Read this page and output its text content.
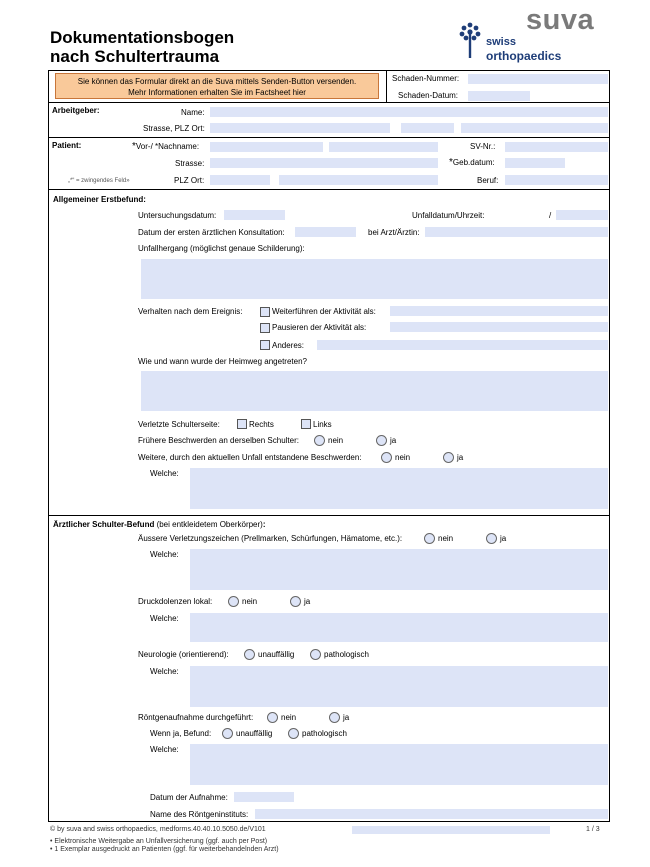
Dokumentationsbogen
nach Schultertrauma
suva
swiss
orthopaedics
Sie können das Formular direkt an die Suva mittels Senden-Button versenden.
Mehr Informationen erhalten Sie im Factsheet hier
Schaden-Nummer:
Schaden-Datum:
Arbeitgeber:	Name:
Strasse, PLZ Ort:
Patient:	*Vor-/ *Nachname:	SV-Nr.:
Strasse:	*Geb.datum:
„*“ = zwingendes Feld»	PLZ Ort:	Beruf:
Allgemeiner Erstbefund:
Untersuchungsdatum:	Unfalldatum/Uhrzeit:	/
Datum der ersten ärztlichen Konsultation:	bei Arzt/Ärztin:
Unfallhergang (möglichst genaue Schilderung):
Verhalten nach dem Ereignis:	Weiterführen der Aktivität als:
Pausieren der Aktivität als:
Anderes:
Wie und wann wurde der Heimweg angetreten?
Verletzte Schulterseite:	Rechts	Links
Frühere Beschwerden an derselben Schulter:	nein	ja
Weitere, durch den aktuellen Unfall entstandene Beschwerden:	nein	ja
Welche:
Ärztlicher Schulter-Befund (bei entkleidetem Oberkörper):
Äussere Verletzungszeichen (Prellmarken, Schürfungen, Hämatome, etc.):	nein	ja
Welche:
Druckdolenzen lokal:	nein	ja
Welche:
Neurologie (orientierend):	unauffällig	pathologisch
Welche:
Röntgenaufnahme durchgeführt:	nein	ja
Wenn ja, Befund:	unauffällig	pathologisch
Welche:
Datum der Aufnahme:
Name des Röntgeninstituts:
© by suva and swiss orthopaedics, medforms.40.40.10.5050.de/V101	1 / 3
• Elektronische Weitergabe an Unfallversicherung (ggf. auch per Post)
• 1 Exemplar ausgedruckt an Patienten (ggf. für weiterbehandelnden Arzt)
